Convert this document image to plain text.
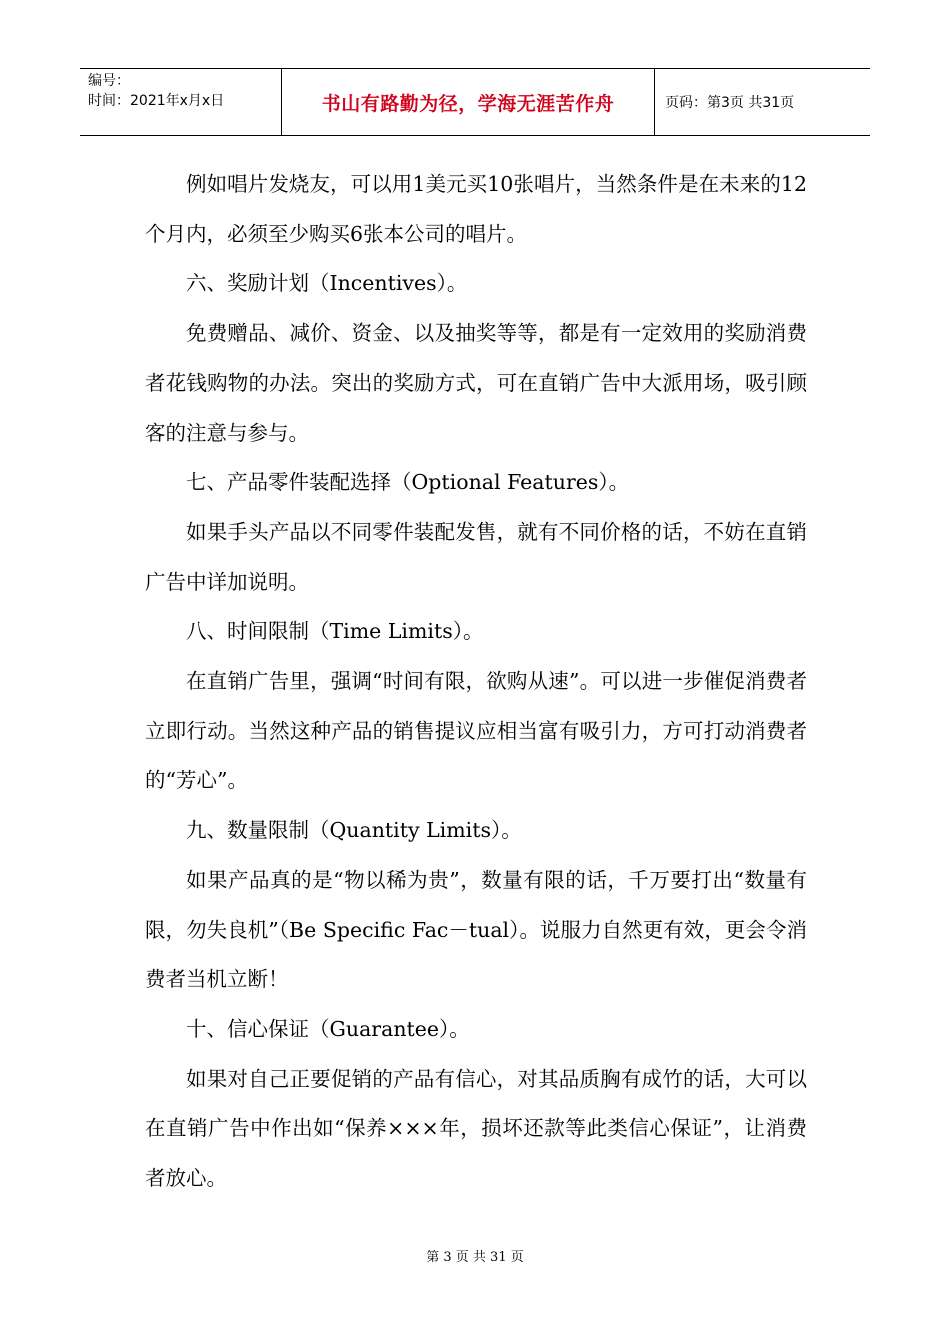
编号：
时间：2021年x月x日	书山有路勤为径，学海无涯苦作舟	页码：第3页 共31页

例如唱片发烧友，可以用1美元买10张唱片，当然条件是在未来的12个月内，必须至少购买6张本公司的唱片。

六、奖励计划（Incentives）。

免费赠品、减价、资金、以及抽奖等等，都是有一定效用的奖励消费者花钱购物的办法。突出的奖励方式，可在直销广告中大派用场，吸引顾客的注意与参与。

七、产品零件装配选择（Optional Features）。

如果手头产品以不同零件装配发售，就有不同价格的话，不妨在直销广告中详加说明。

八、时间限制（Time Limits）。

在直销广告里，强调“时间有限，欲购从速”。可以进一步催促消费者立即行动。当然这种产品的销售提议应相当富有吸引力，方可打动消费者的“芳心”。

九、数量限制（Quantity Limits）。

如果产品真的是“物以稀为贵”，数量有限的话，千万要打出“数量有限，勿失良机”（Be Specific Fac－tual）。说服力自然更有效，更会令消费者当机立断！

十、信心保证（Guarantee）。

如果对自己正要促销的产品有信心，对其品质胸有成竹的话，大可以在直销广告中作出如“保养×××年，损坏还款等此类信心保证”，让消费者放心。

第 3 页 共 31 页
